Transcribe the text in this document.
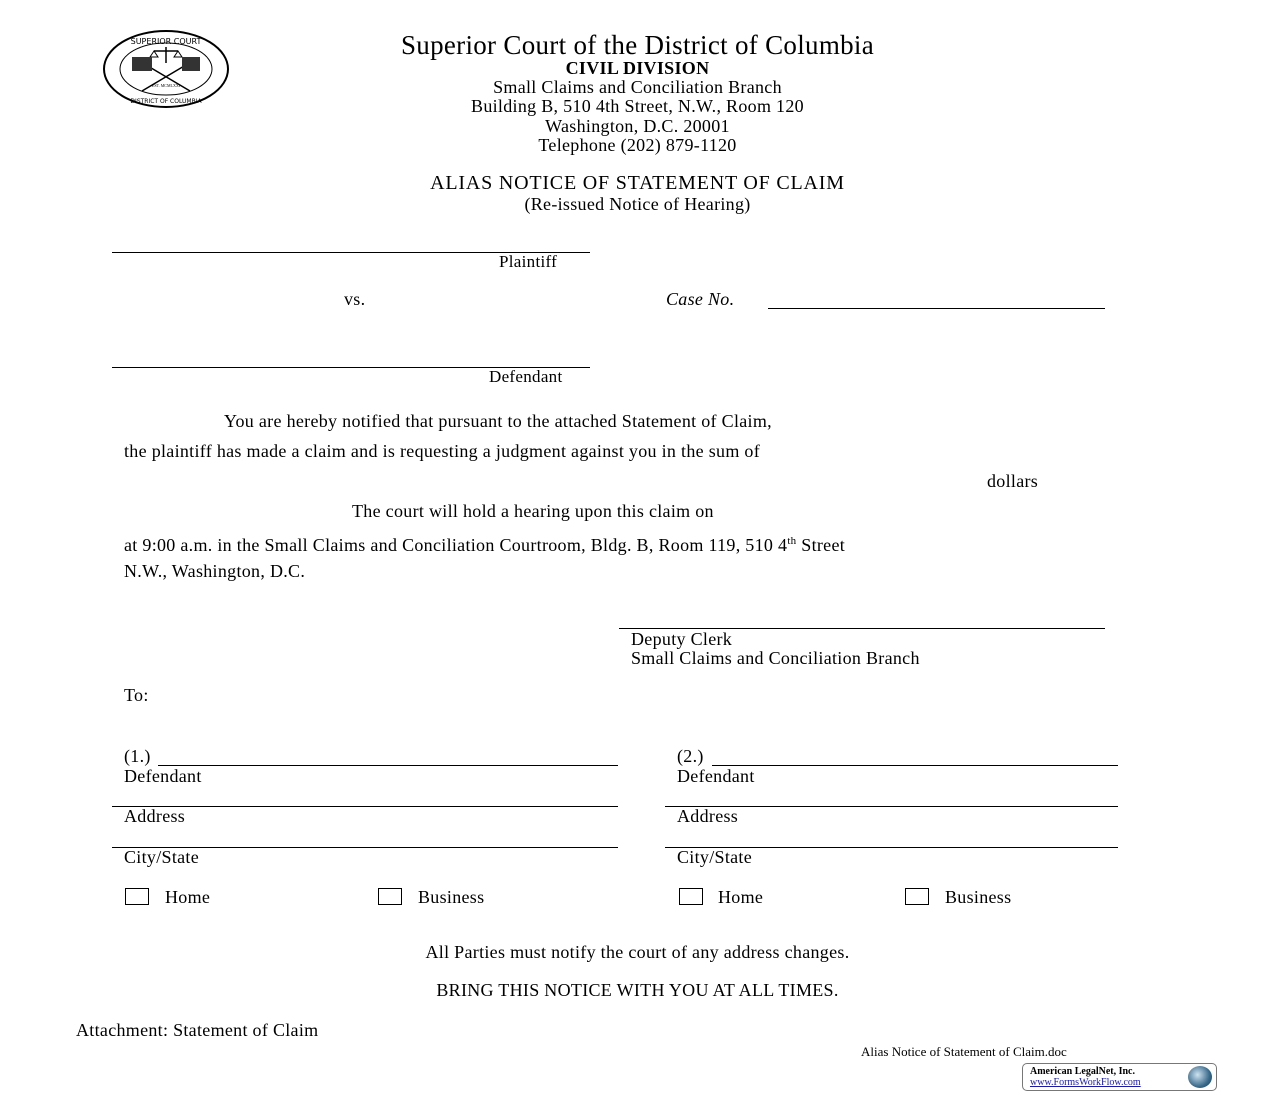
SUPERIOR COURT
DISTRICT OF COLUMBIA
EST. MCMLXXI
Superior Court of the District of Columbia
CIVIL DIVISION
Small Claims and Conciliation Branch
Building B, 510 4th Street, N.W., Room 120
Washington, D.C. 20001
Telephone (202) 879-1120
ALIAS NOTICE OF STATEMENT OF CLAIM
(Re-issued Notice of Hearing)
Plaintiff
vs.	Case No.
Defendant
You are hereby notified that pursuant to the attached Statement of Claim,
the plaintiff has made a claim and is requesting a judgment against you in the sum of
dollars
The court will hold a hearing upon this claim on
at 9:00 a.m. in the Small Claims and Conciliation Courtroom, Bldg. B, Room 119, 510 4th Street
N.W., Washington, D.C.
Deputy Clerk
Small Claims and Conciliation Branch
To:
(1.)
Defendant
Address
City/State
Home	Business
(2.)
Defendant
Address
City/State
Home	Business
All Parties must notify the court of any address changes.
BRING THIS NOTICE WITH YOU AT ALL TIMES.
Attachment: Statement of Claim
Alias Notice of Statement of Claim.doc
American LegalNet, Inc.
www.FormsWorkFlow.com
